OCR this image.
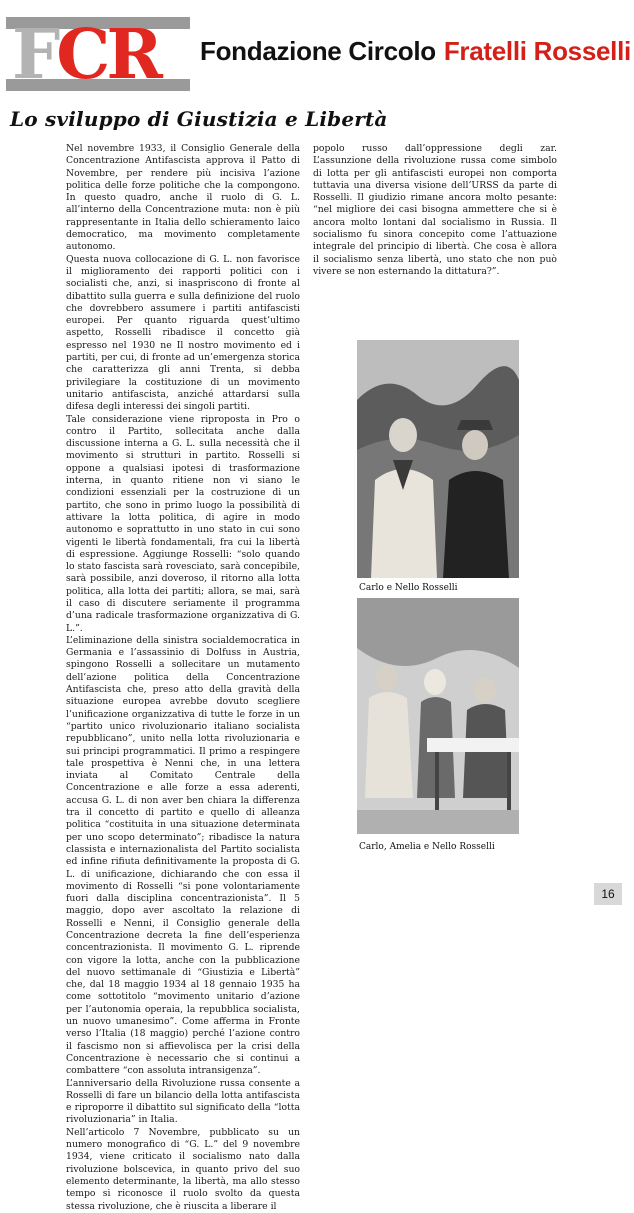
FCR Fondazione Circolo Fratelli Rosselli
Lo sviluppo di Giustizia e Libertà

Nel novembre 1933, il Consiglio Generale della Concentrazione Antifascista approva il Patto di Novembre, per rendere più incisiva l’azione politica delle forze politiche che la compongono. In questo quadro, anche il ruolo di G. L. all’interno della Concentrazione muta: non è più rappresentante in Italia dello schieramento laico democratico, ma movimento completamente autonomo.

Questa nuova collocazione di G. L. non favorisce il miglioramento dei rapporti politici con i socialisti che, anzi, si inaspriscono di fronte al dibattito sulla guerra e sulla definizione del ruolo che dovrebbero assumere i partiti antifascisti europei. Per quanto riguarda quest’ultimo aspetto, Rosselli ribadisce il concetto già espresso nel 1930 ne Il nostro movimento ed i partiti, per cui, di fronte ad un’emergenza storica che caratterizza gli anni Trenta, si debba privilegiare la costituzione di un movimento unitario antifascista, anziché attardarsi sulla difesa degli interessi dei singoli partiti.

Tale considerazione viene riproposta in Pro o contro il Partito, sollecitata anche dalla discussione interna a G. L. sulla necessità che il movimento si strutturi in partito. Rosselli si oppone a qualsiasi ipotesi di trasformazione interna, in quanto ritiene non vi siano le condizioni essenziali per la costruzione di un partito, che sono in primo luogo la possibilità di attivare la lotta politica, di agire in modo autonomo e soprattutto in uno stato in cui sono vigenti le libertà fondamentali, fra cui la libertà di espressione. Aggiunge Rosselli: “solo quando lo stato fascista sarà rovesciato, sarà concepibile, sarà possibile, anzi doveroso, il ritorno alla lotta politica, alla lotta dei partiti; allora, se mai, sarà il caso di discutere seriamente il programma d’una radicale trasformazione organizzativa di G. L.”.

L’eliminazione della sinistra socialdemocratica in Germania e l’assassinio di Dolfuss in Austria, spingono Rosselli a sollecitare un mutamento dell’azione politica della Concentrazione Antifascista che, preso atto della gravità della situazione europea avrebbe dovuto scegliere l’unificazione organizzativa di tutte le forze in un “partito unico rivoluzionario italiano socialista repubblicano”, unito nella lotta rivoluzionaria e sui principi programmatici. Il primo a respingere tale prospettiva è Nenni che, in una lettera inviata al Comitato Centrale della Concentrazione e alle forze a essa aderenti, accusa G. L. di non aver ben chiara la differenza tra il concetto di partito e quello di alleanza politica “costituita in una situazione determinata per uno scopo determinato”; ribadisce la natura classista e internazionalista del Partito socialista ed infine rifiuta definitivamente la proposta di G. L. di unificazione, dichiarando che con essa il movimento di Rosselli “si pone volontariamente fuori dalla disciplina concentrazionista”. Il 5 maggio, dopo aver ascoltato la relazione di Rosselli e Nenni, il Consiglio generale della Concentrazione decreta la fine dell’esperienza concentrazionista. Il movimento G. L. riprende con vigore la lotta, anche con la pubblicazione del nuovo settimanale di “Giustizia e Libertà” che, dal 18 maggio 1934 al 18 gennaio 1935 ha come sottotitolo “movimento unitario d’azione per l’autonomia operaia, la repubblica socialista, un nuovo umanesimo”. Come afferma in Fronte verso l’Italia (18 maggio) perché l’azione contro il fascismo non si affievolisca per la crisi della Concentrazione è necessario che si continui a combattere “con assoluta intransigenza”.

L’anniversario della Rivoluzione russa consente a Rosselli di fare un bilancio della lotta antifascista e riproporre il dibattito sul significato della “lotta rivoluzionaria” in Italia.

Nell’articolo 7 Novembre, pubblicato su un numero monografico di “G. L.” del 9 novembre 1934, viene criticato il socialismo nato dalla rivoluzione bolscevica, in quanto privo del suo elemento determinante, la libertà, ma allo stesso tempo si riconosce il ruolo svolto da questa stessa rivoluzione, che è riuscita a liberare il

popolo russo dall’oppressione degli zar. L’assunzione della rivoluzione russa come simbolo di lotta per gli antifascisti europei non comporta tuttavia una diversa visione dell’URSS da parte di Rosselli. Il giudizio rimane ancora molto pesante: “nel migliore dei casi bisogna ammettere che si è ancora molto lontani dal socialismo in Russia. Il socialismo fu sinora concepito come l’attuazione integrale del principio di libertà. Che cosa è allora il socialismo senza libertà, uno stato che non può vivere se non esternando la dittatura?”.

Carlo e Nello Rosselli
Carlo, Amelia e Nello Rosselli
16
